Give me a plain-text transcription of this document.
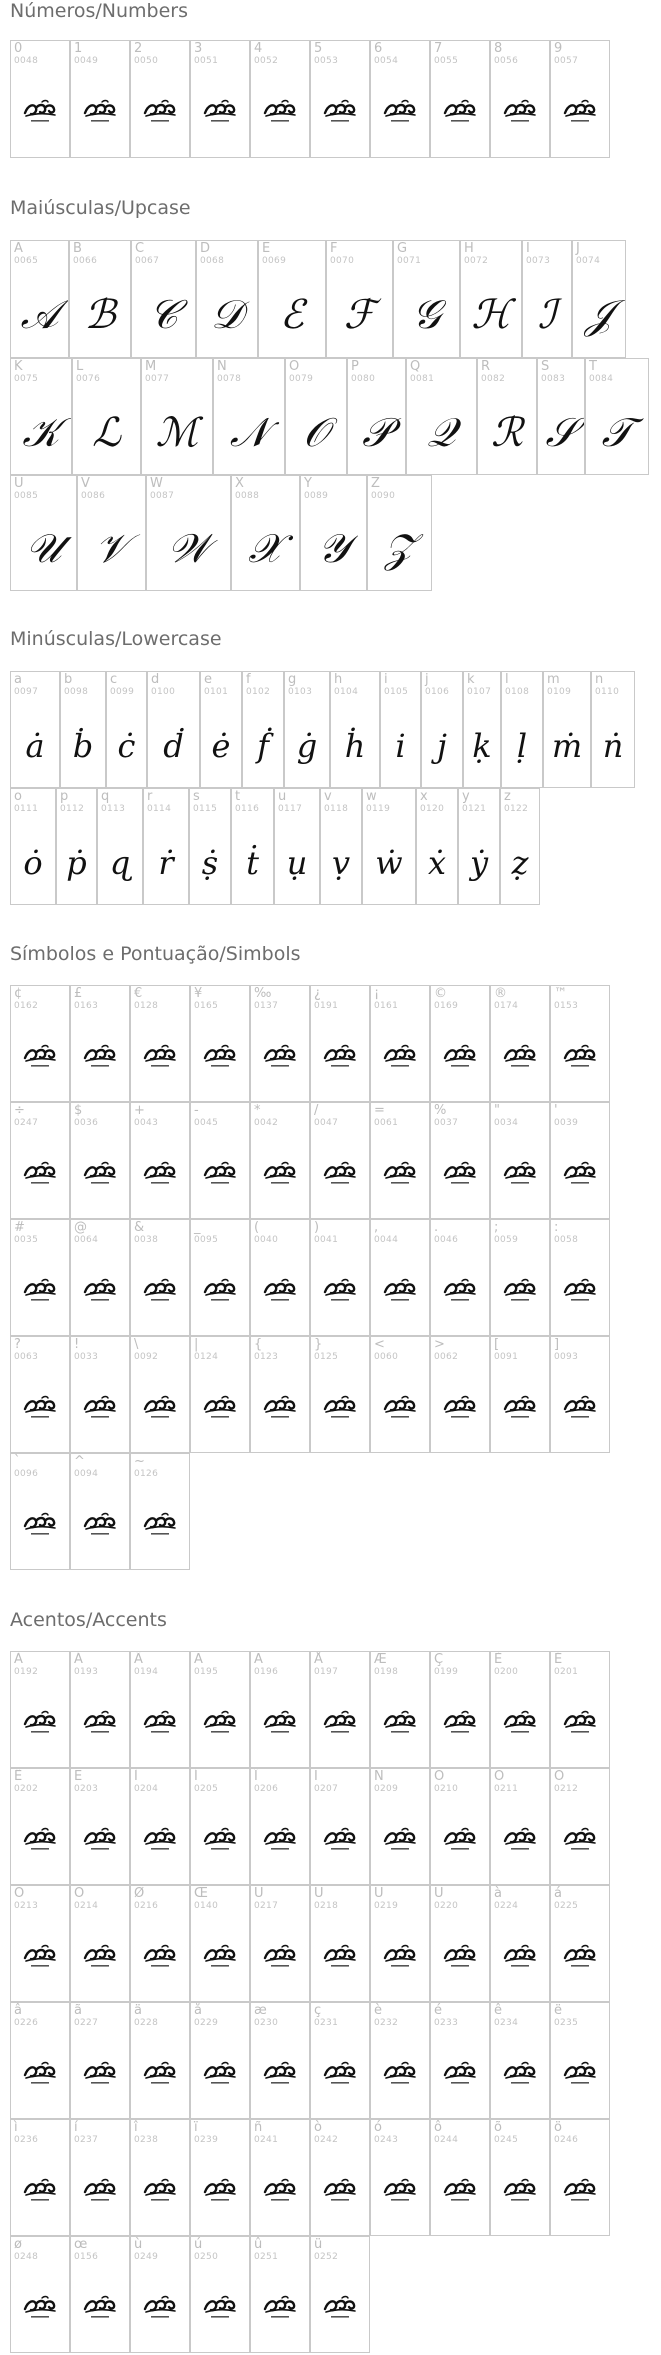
Números/Numbers
Maiúsculas/Upcase
Minúsculas/Lowercase
Símbolos e Pontuação/Simbols
Acentos/Accents
0
0048
1
0049
2
0050
3
0051
4
0052
5
0053
6
0054
7
0055
8
0056
9
0057
A
0065
𝒜
B
0066
ℬ
C
0067
𝒞
D
0068
𝒟
E
0069
ℰ
F
0070
ℱ
G
0071
𝒢
H
0072
ℋ
I
0073
ℐ
J
0074
𝒥
K
0075
𝒦
L
0076
ℒ
M
0077
ℳ
N
0078
𝒩
O
0079
𝒪
P
0080
𝒫
Q
0081
𝒬
R
0082
ℛ
S
0083
𝒮
T
0084
𝒯
U
0085
𝒰
V
0086
𝒱
W
0087
𝒲
X
0088
𝒳
Y
0089
𝒴
Z
0090
𝒵
a
0097
ȧ
b
0098
ḃ
c
0099
ċ
d
0100
ḋ
e
0101
ė
f
0102
ḟ
g
0103
ġ
h
0104
ḣ
i
0105
i
j
0106
j
k
0107
ḳ
l
0108
ḷ
m
0109
ṁ
n
0110
ṅ
o
0111
ȯ
p
0112
ṗ
q
0113
ɋ
r
0114
ṙ
s
0115
ṩ
t
0116
ṫ
u
0117
ụ
v
0118
ṿ
w
0119
ẇ
x
0120
ẋ
y
0121
ẏ
z
0122
ẓ
¢
0162
£
0163
€
0128
¥
0165
‰
0137
¿
0191
¡
0161
©
0169
®
0174
™
0153
÷
0247
$
0036
+
0043
-
0045
*
0042
/
0047
=
0061
%
0037
"
0034
'
0039
#
0035
@
0064
&
0038
_
0095
(
0040
)
0041
,
0044
.
0046
;
0059
:
0058
?
0063
!
0033
\
0092
|
0124
{
0123
}
0125
<
0060
>
0062
[
0091
]
0093
`
0096
^
0094
~
0126
À
0192
Á
0193
Â
0194
Ã
0195
Ä
0196
Å
0197
Æ
0198
Ç
0199
È
0200
É
0201
Ê
0202
Ë
0203
Ì
0204
Í
0205
Î
0206
Ï
0207
Ñ
0209
Ò
0210
Ó
0211
Ô
0212
Õ
0213
Ö
0214
Ø
0216
Œ
0140
Ù
0217
Ú
0218
Û
0219
Ü
0220
à
0224
á
0225
â
0226
ã
0227
ä
0228
å
0229
æ
0230
ç
0231
è
0232
é
0233
ê
0234
ë
0235
ì
0236
í
0237
î
0238
ï
0239
ñ
0241
ò
0242
ó
0243
ô
0244
õ
0245
ö
0246
ø
0248
œ
0156
ù
0249
ú
0250
û
0251
ü
0252
